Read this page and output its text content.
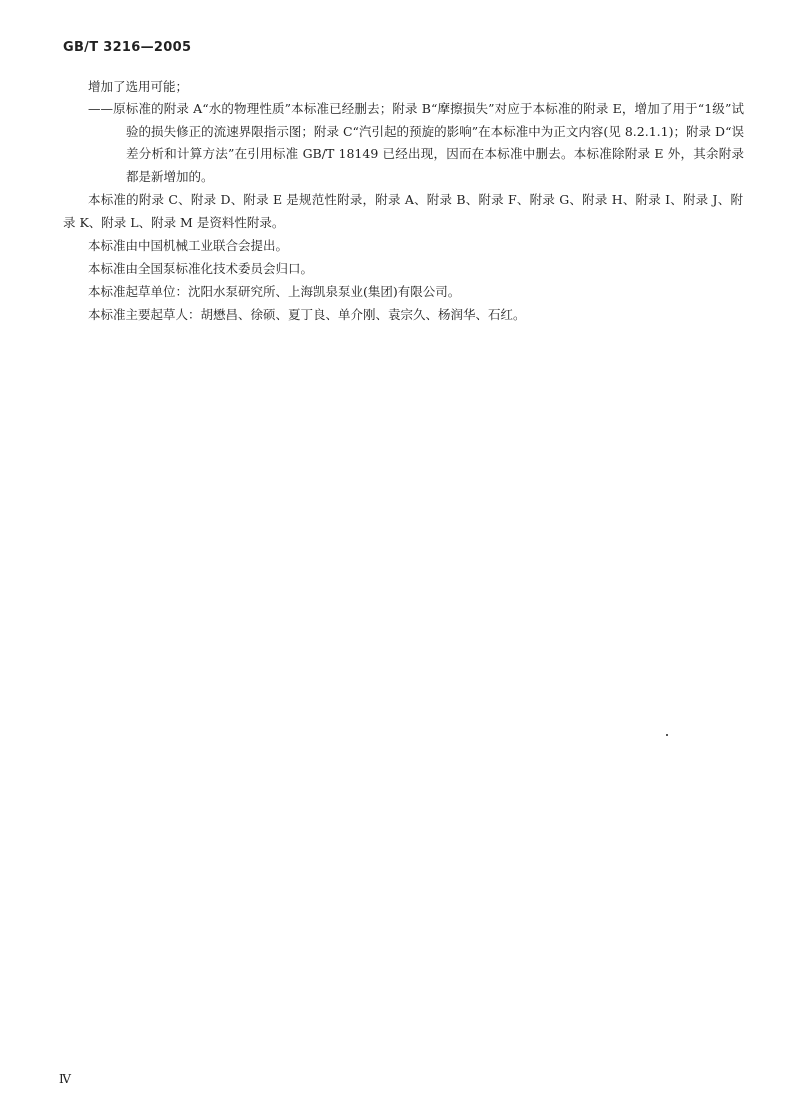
GB/T 3216—2005

增加了选用可能；

——原标准的附录 A“水的物理性质”本标准已经删去；附录 B“摩擦损失”对应于本标准的附录 E，增加了用于“1级”试验的损失修正的流速界限指示图；附录 C“汽引起的预旋的影响”在本标准中为正文内容(见 8.2.1.1)；附录 D“误差分析和计算方法”在引用标准 GB/T 18149 已经出现，因而在本标准中删去。本标准除附录 E 外，其余附录都是新增加的。

本标准的附录 C、附录 D、附录 E 是规范性附录，附录 A、附录 B、附录 F、附录 G、附录 H、附录 I、附录 J、附录 K、附录 L、附录 M 是资料性附录。

本标准由中国机械工业联合会提出。

本标准由全国泵标准化技术委员会归口。

本标准起草单位：沈阳水泵研究所、上海凯泉泵业(集团)有限公司。

本标准主要起草人：胡懋昌、徐硕、夏丁良、单介刚、袁宗久、杨润华、石红。

Ⅳ
